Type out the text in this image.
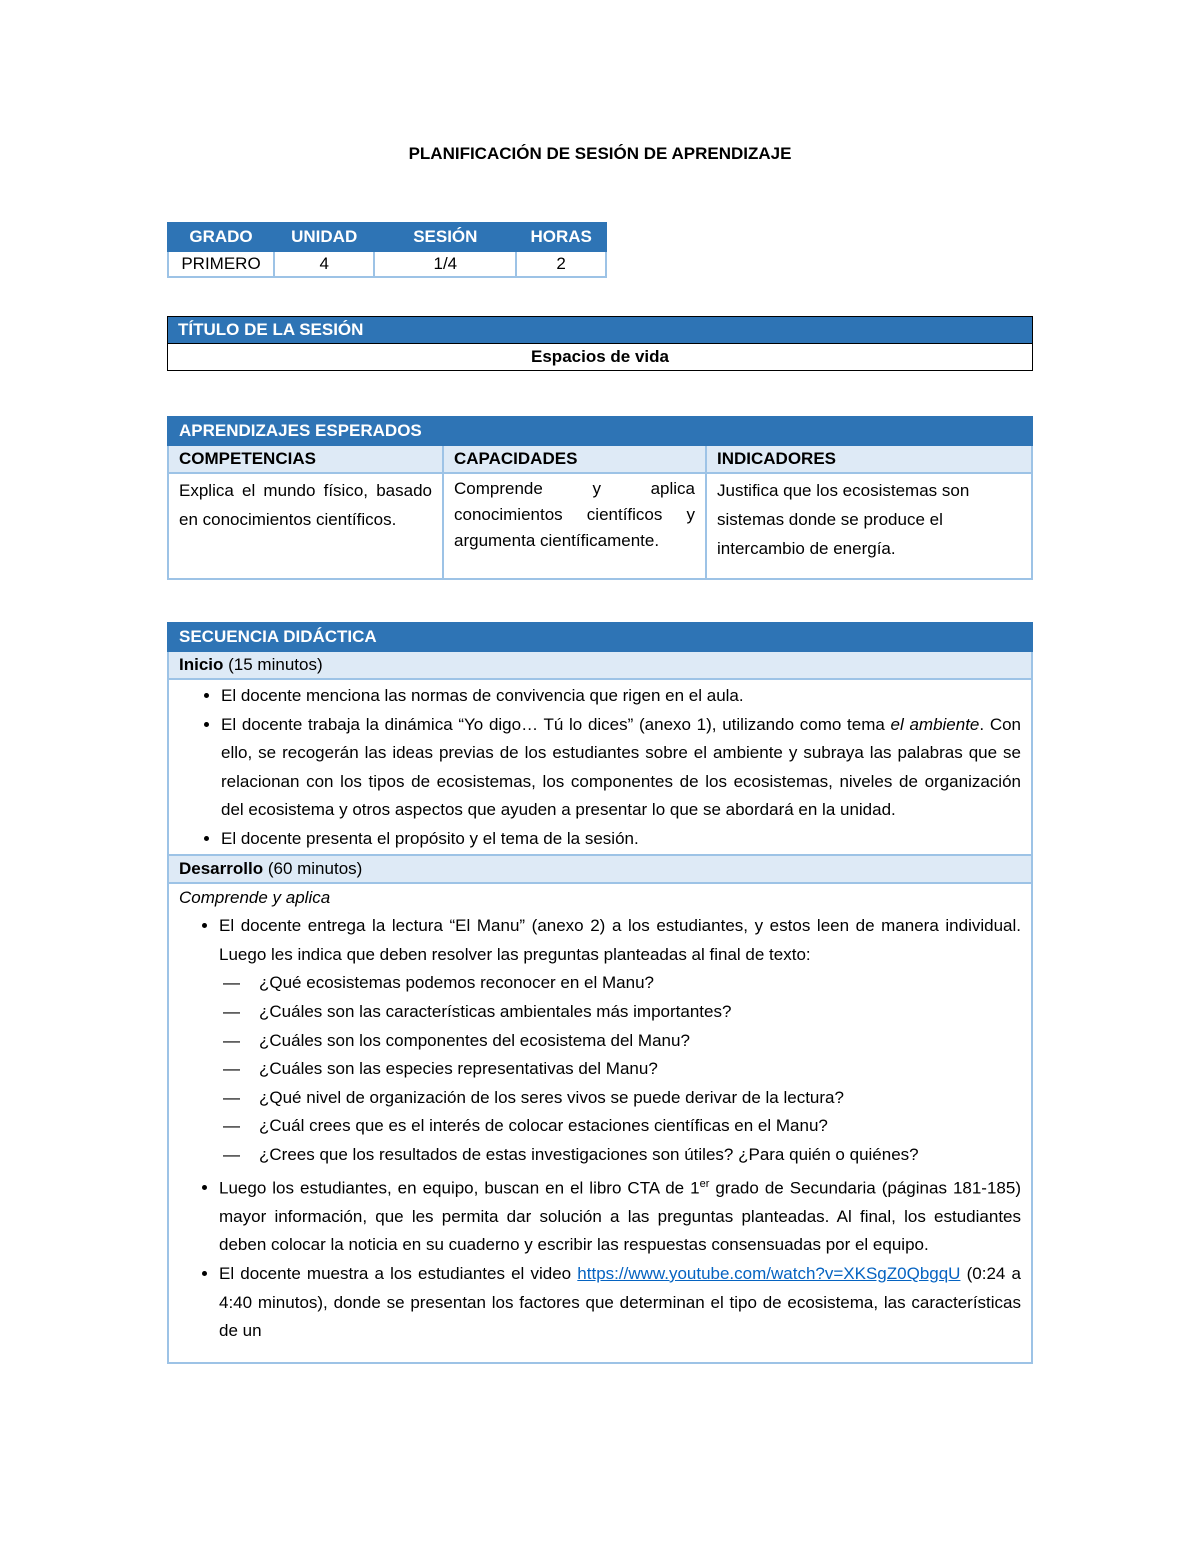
PLANIFICACIÓN DE SESIÓN DE APRENDIZAJE
GRADO	UNIDAD	SESIÓN	HORAS
PRIMERO	4	1/4	2
TÍTULO DE LA SESIÓN
Espacios de vida
APRENDIZAJES ESPERADOS		
COMPETENCIAS	CAPACIDADES	INDICADORES
Explica el mundo físico, basado en conocimientos científicos.	Comprende y aplica conocimientos científicos y argumenta científicamente.	Justifica que los ecosistemas son sistemas donde se produce el intercambio de energía.
SECUENCIA DIDÁCTICA
Inicio (15 minutos)

• El docente menciona las normas de convivencia que rigen en el aula.
• El docente trabaja la dinámica “Yo digo… Tú lo dices” (anexo 1), utilizando como tema el ambiente. Con ello, se recogerán las ideas previas de los estudiantes sobre el ambiente y subraya las palabras que se relacionan con los tipos de ecosistemas, los componentes de los ecosistemas, niveles de organización del ecosistema y otros aspectos que ayuden a presentar lo que se abordará en la unidad.
• El docente presenta el propósito y el tema de la sesión.

Desarrollo (60 minutos)

Comprende y aplica
• El docente entrega la lectura “El Manu” (anexo 2) a los estudiantes, y estos leen de manera individual. Luego les indica que deben resolver las preguntas planteadas al final de texto:
— ¿Qué ecosistemas podemos reconocer en el Manu?
— ¿Cuáles son las características ambientales más importantes?
— ¿Cuáles son los componentes del ecosistema del Manu?
— ¿Cuáles son las especies representativas del Manu?
— ¿Qué nivel de organización de los seres vivos se puede derivar de la lectura?
— ¿Cuál crees que es el interés de colocar estaciones científicas en el Manu?
— ¿Crees que los resultados de estas investigaciones son útiles? ¿Para quién o quiénes?
• Luego los estudiantes, en equipo, buscan en el libro CTA de 1er grado de Secundaria (páginas 181-185) mayor información, que les permita dar solución a las preguntas planteadas. Al final, los estudiantes deben colocar la noticia en su cuaderno y escribir las respuestas consensuadas por el equipo.
• El docente muestra a los estudiantes el video https://www.youtube.com/watch?v=XKSgZ0QbgqU (0:24 a 4:40 minutos), donde se presentan los factores que determinan el tipo de ecosistema, las características de un
